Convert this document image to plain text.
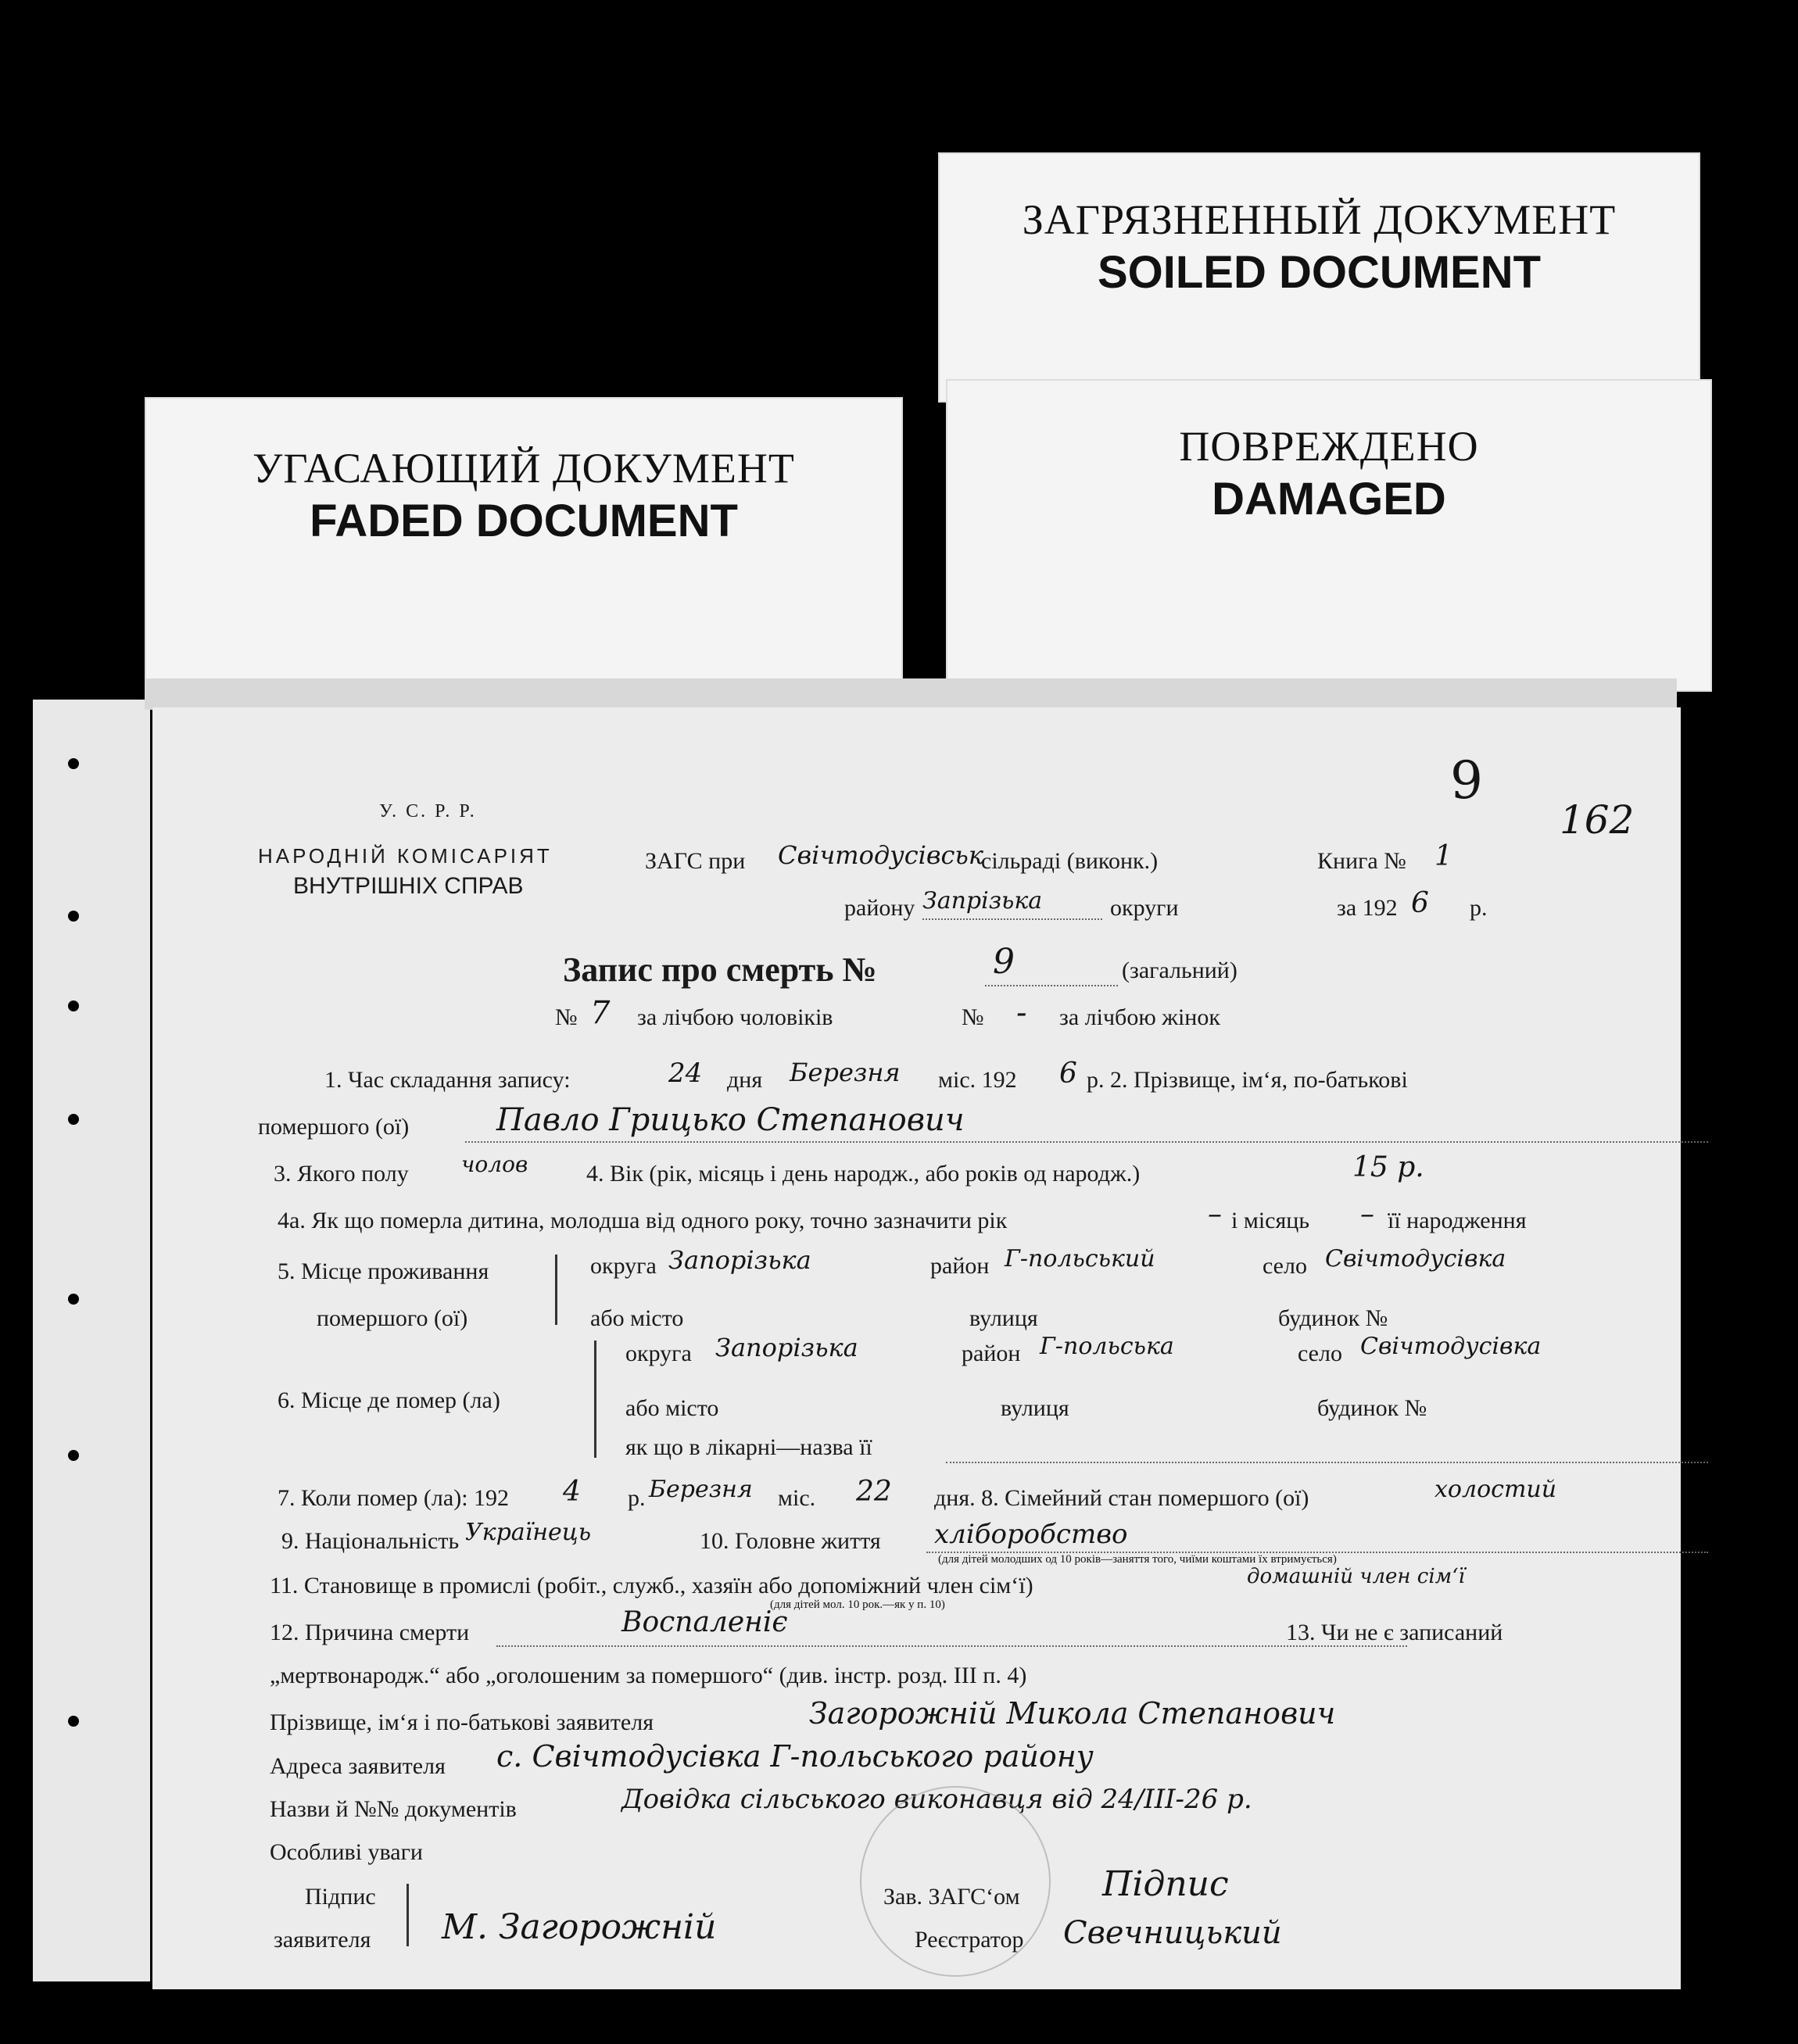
ЗАГРЯЗНЕННЫЙ ДОКУМЕНТ
SOILED DOCUMENT
ПОВРЕЖДЕНО
DAMAGED
УГАСАЮЩИЙ ДОКУМЕНТ
FADED DOCUMENT
9
162
У. С. Р. Р.
НАРОДНІЙ КОМІСАРІЯТ
ВНУТРІШНІХ СПРАВ
ЗАГС при Свічтодусівськ
сільраді (виконк.)	Книга № 1
району Запрізька	округи	за 192 6 р.
Запис про смерть №	9	(загальний)
№ 7 за лічбою чоловіків	№ - за лічбою жінок
1. Час складання запису:	24 дня Березня міс. 192 6 р. 2. Прізвище, ім‘я, по-батькові
помершого (ої)	Павло Грицько Степанович
3. Якого полу чолов 4. Вік (рік, місяць і день народж., або років од народж.)	15 р.
4а. Як що померла дитина, молодша від одного року, точно зазначити рік	– і місяць – її народження
5. Місце проживання
помершого (ої)
округа Запорізька	район Г-польський	село Свічтодусівка
або місто	вулиця	будинок №
6. Місце де помер (ла)
округа Запорізька	район Г-польська	село Свічтодусівка
або місто	вулиця	будинок №
як що в лікарні—назва її
7. Коли помер (ла): 192 4 р. Березня міс. 22 дня. 8. Сімейний стан помершого (ої)	холостий
9. Національність Українець	10. Головне життя хліборобство
(для дітей молодших од 10 років—заняття того, чиїми коштами їх втримується)
11. Становище в промислі (робіт., служб., хазяїн або допоміжний член сім‘ї)	домашній член сім‘ї
(для дітей мол. 10 рок.—як у п. 10)
12. Причина смерти	Воспаленіє	13. Чи не є записаний
„мертвонародж.“ або „оголошеним за помершого“ (див. інстр. розд. III п. 4)
Прізвище, ім‘я і по-батькові заявителя	Загорожній Микола Степанович
Адреса заявителя с. Свічтодусівка Г-польського району
Назви й №№ документів	Довідка сільського виконавця від 24/III-26 р.
Особливі уваги
Підпис
заявителя М. Загорожній
Зав. ЗАГС‘ом Підпис
Реєстратор Свечницький
